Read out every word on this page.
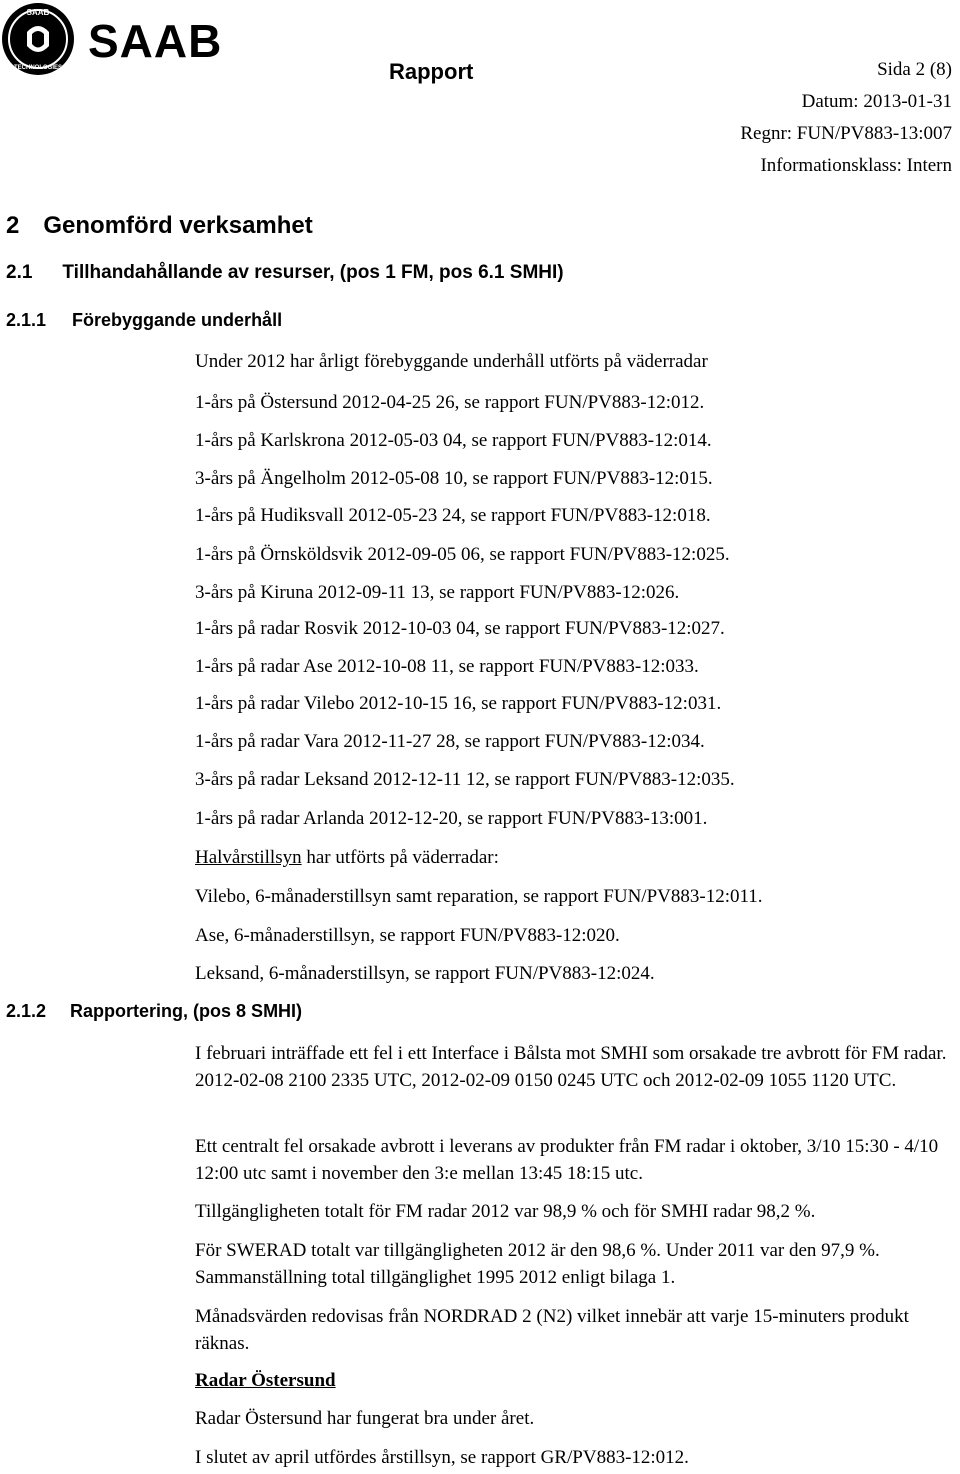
SAAB
TECHNOLOGIES
SAAB
Rapport	Sida 2 (8)
Datum: 2013-01-31
Regnr: FUN/PV883-13:007
Informationsklass: Intern
2 Genomförd verksamhet
2.1 Tillhandahållande av resurser, (pos 1 FM, pos 6.1 SMHI)
2.1.1 Förebyggande underhåll
Under 2012 har årligt förebyggande underhåll utförts på väderradar
1-års på Östersund 2012-04-25 26, se rapport FUN/PV883-12:012.
1-års på Karlskrona 2012-05-03 04, se rapport FUN/PV883-12:014.
3-års på Ängelholm 2012-05-08 10, se rapport FUN/PV883-12:015.
1-års på Hudiksvall 2012-05-23 24, se rapport FUN/PV883-12:018.
1-års på Örnsköldsvik 2012-09-05 06, se rapport FUN/PV883-12:025.
3-års på Kiruna 2012-09-11 13, se rapport FUN/PV883-12:026.
1-års på radar Rosvik 2012-10-03 04, se rapport FUN/PV883-12:027.
1-års på radar Ase 2012-10-08 11, se rapport FUN/PV883-12:033.
1-års på radar Vilebo 2012-10-15 16, se rapport FUN/PV883-12:031.
1-års på radar Vara 2012-11-27 28, se rapport FUN/PV883-12:034.
3-års på radar Leksand 2012-12-11 12, se rapport FUN/PV883-12:035.
1-års på radar Arlanda 2012-12-20, se rapport FUN/PV883-13:001.
Halvårstillsyn har utförts på väderradar:
Vilebo, 6-månaderstillsyn samt reparation, se rapport FUN/PV883-12:011.
Ase, 6-månaderstillsyn, se rapport FUN/PV883-12:020.
Leksand, 6-månaderstillsyn, se rapport FUN/PV883-12:024.
2.1.2 Rapportering, (pos 8 SMHI)
I februari inträffade ett fel i ett Interface i Bålsta mot SMHI som orsakade tre avbrott för FM radar. 2012-02-08 2100 2335 UTC, 2012-02-09 0150 0245 UTC och 2012-02-09 1055 1120 UTC.
Ett centralt fel orsakade avbrott i leverans av produkter från FM radar i oktober, 3/10 15:30 - 4/10 12:00 utc samt i november den 3:e mellan 13:45 18:15 utc.
Tillgängligheten totalt för FM radar 2012 var 98,9 % och för SMHI radar 98,2 %.
För SWERAD totalt var tillgängligheten 2012 är den 98,6 %. Under 2011 var den 97,9 %. Sammanställning total tillgänglighet 1995 2012 enligt bilaga 1.
Månadsvärden redovisas från NORDRAD 2 (N2) vilket innebär att varje 15-minuters produkt räknas.
Radar Östersund
Radar Östersund har fungerat bra under året.
I slutet av april utfördes årstillsyn, se rapport GR/PV883-12:012.
